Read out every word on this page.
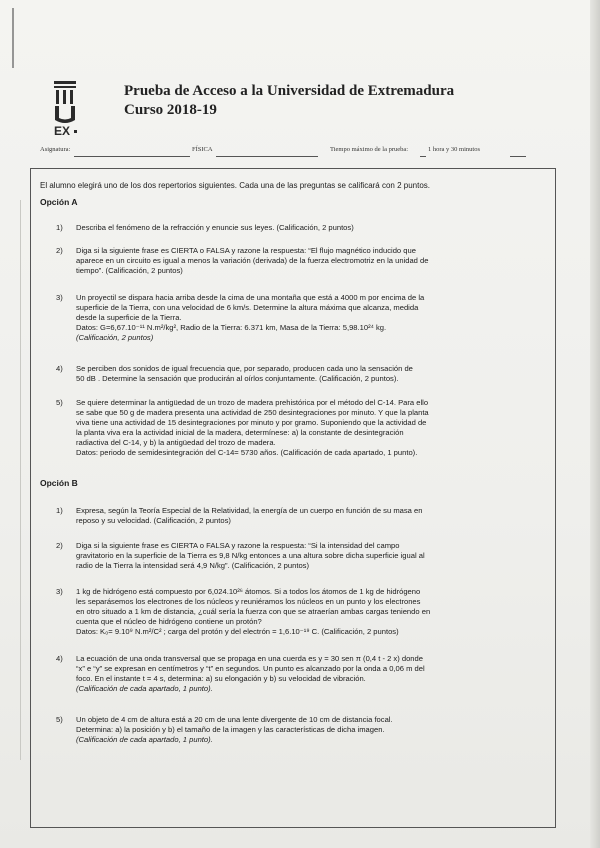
EX
Prueba de Acceso a la Universidad de Extremadura
Curso 2018-19
Asignatura:	FÍSICA	Tiempo máximo de la prueba:	1 hora y 30 minutos
El alumno elegirá uno de los dos repertorios siguientes. Cada una de las preguntas se calificará con 2 puntos.
Opción A
1) Describa el fenómeno de la refracción y enuncie sus leyes. (Calificación, 2 puntos)
2) Diga si la siguiente frase es CIERTA o FALSA y razone la respuesta: “El flujo magnético inducido que
aparece en un circuito es igual a menos la variación (derivada) de la fuerza electromotriz en la unidad de
tiempo”. (Calificación, 2 puntos)
3) Un proyectil se dispara hacia arriba desde la cima de una montaña que está a 4000 m por encima de la
superficie de la Tierra, con una velocidad de 6 km/s. Determine la altura máxima que alcanza, medida
desde la superficie de la Tierra.
Datos: G=6,67.10⁻¹¹ N.m²/kg², Radio de la Tierra: 6.371 km, Masa de la Tierra: 5,98.10²⁴ kg.
(Calificación, 2 puntos)
4) Se perciben dos sonidos de igual frecuencia que, por separado, producen cada uno la sensación de
50 dB . Determine la sensación que producirán al oírlos conjuntamente. (Calificación, 2 puntos).
5) Se quiere determinar la antigüedad de un trozo de madera prehistórica por el método del C-14. Para ello
se sabe que 50 g de madera presenta una actividad de 250 desintegraciones por minuto. Y que la planta
viva tiene una actividad de 15 desintegraciones por minuto y por gramo. Suponiendo que la actividad de
la planta viva era la actividad inicial de la madera, determínese: a) la constante de desintegración
radiactiva del C-14, y b) la antigüedad del trozo de madera.
Datos: periodo de semidesintegración del C-14= 5730 años. (Calificación de cada apartado, 1 punto).
Opción B
1) Expresa, según la Teoría Especial de la Relatividad, la energía de un cuerpo en función de su masa en
reposo y su velocidad. (Calificación, 2 puntos)
2) Diga si la siguiente frase es CIERTA o FALSA y razone la respuesta: “Si la intensidad del campo
gravitatorio en la superficie de la Tierra es 9,8 N/kg entonces a una altura sobre dicha superficie igual al
radio de la Tierra la intensidad será 4,9 N/kg”. (Calificación, 2 puntos)
3) 1 kg de hidrógeno está compuesto por 6,024.10²⁶ átomos. Si a todos los átomos de 1 kg de hidrógeno
les separásemos los electrones de los núcleos y reuniéramos los núcleos en un punto y los electrones
en otro situado a 1 km de distancia, ¿cuál sería la fuerza con que se atraerían ambas cargas teniendo en
cuenta que el núcleo de hidrógeno contiene un protón?
Datos: K₀= 9.10⁹ N.m²/C² ; carga del protón y del electrón = 1,6.10⁻¹⁹ C. (Calificación, 2 puntos)
4) La ecuación de una onda transversal que se propaga en una cuerda es y = 30 sen π (0,4 t - 2 x) donde
“x” e “y” se expresan en centímetros y “t” en segundos. Un punto es alcanzado por la onda a 0,06 m del
foco. En el instante t = 4 s, determina: a) su elongación y b) su velocidad de vibración.
(Calificación de cada apartado, 1 punto).
5) Un objeto de 4 cm de altura está a 20 cm de una lente divergente de 10 cm de distancia focal.
Determina: a) la posición y b) el tamaño de la imagen y las características de dicha imagen.
(Calificación de cada apartado, 1 punto).
